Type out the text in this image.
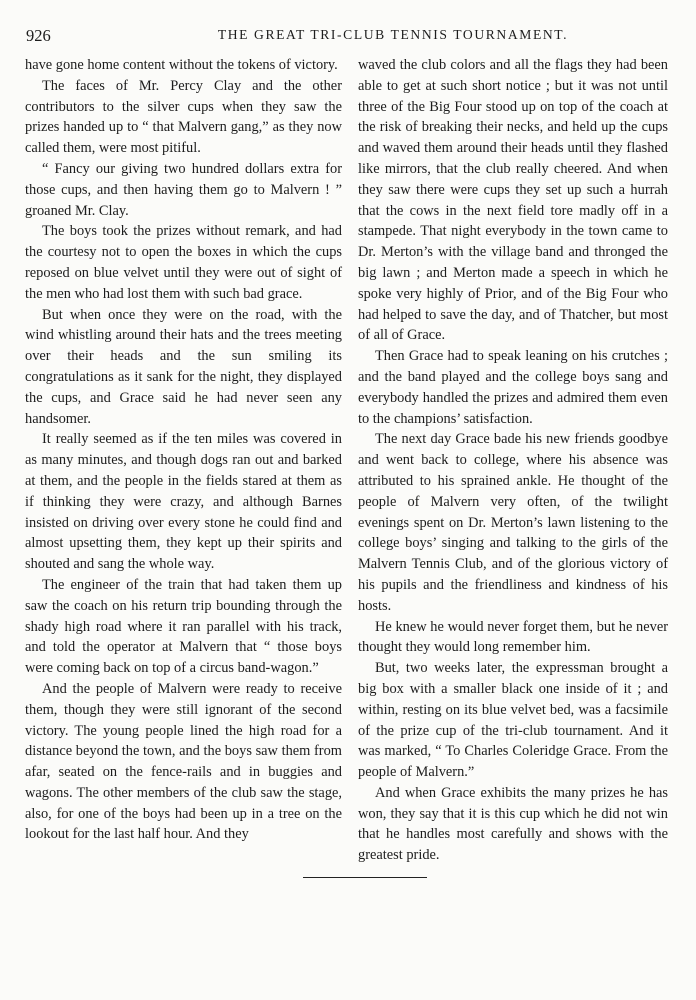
926	THE GREAT TRI-CLUB TENNIS TOURNAMENT.

have gone home content without the tokens of victory.

The faces of Mr. Percy Clay and the other contributors to the silver cups when they saw the prizes handed up to “ that Malvern gang,” as they now called them, were most pitiful.

“ Fancy our giving two hundred dollars extra for those cups, and then having them go to Malvern ! ” groaned Mr. Clay.

The boys took the prizes without remark, and had the courtesy not to open the boxes in which the cups reposed on blue velvet until they were out of sight of the men who had lost them with such bad grace.

But when once they were on the road, with the wind whistling around their hats and the trees meeting over their heads and the sun smiling its congratulations as it sank for the night, they displayed the cups, and Grace said he had never seen any handsomer.

It really seemed as if the ten miles was covered in as many minutes, and though dogs ran out and barked at them, and the people in the fields stared at them as if thinking they were crazy, and although Barnes insisted on driving over every stone he could find and almost upsetting them, they kept up their spirits and shouted and sang the whole way.

The engineer of the train that had taken them up saw the coach on his return trip bounding through the shady high road where it ran parallel with his track, and told the operator at Malvern that “ those boys were coming back on top of a circus band-wagon.”

And the people of Malvern were ready to receive them, though they were still ignorant of the second victory. The young people lined the high road for a distance beyond the town, and the boys saw them from afar, seated on the fence-rails and in buggies and wagons. The other members of the club saw the stage, also, for one of the boys had been up in a tree on the lookout for the last half hour. And they

waved the club colors and all the flags they had been able to get at such short notice ; but it was not until three of the Big Four stood up on top of the coach at the risk of breaking their necks, and held up the cups and waved them around their heads until they flashed like mirrors, that the club really cheered. And when they saw there were cups they set up such a hurrah that the cows in the next field tore madly off in a stampede. That night everybody in the town came to Dr. Merton’s with the village band and thronged the big lawn ; and Merton made a speech in which he spoke very highly of Prior, and of the Big Four who had helped to save the day, and of Thatcher, but most of all of Grace.

Then Grace had to speak leaning on his crutches ; and the band played and the college boys sang and everybody handled the prizes and admired them even to the champions’ satisfaction.

The next day Grace bade his new friends goodbye and went back to college, where his absence was attributed to his sprained ankle. He thought of the people of Malvern very often, of the twilight evenings spent on Dr. Merton’s lawn listening to the college boys’ singing and talking to the girls of the Malvern Tennis Club, and of the glorious victory of his pupils and the friendliness and kindness of his hosts.

He knew he would never forget them, but he never thought they would long remember him.

But, two weeks later, the expressman brought a big box with a smaller black one inside of it ; and within, resting on its blue velvet bed, was a facsimile of the prize cup of the tri-club tournament. And it was marked, “ To Charles Coleridge Grace. From the people of Malvern.”

And when Grace exhibits the many prizes he has won, they say that it is this cup which he did not win that he handles most carefully and shows with the greatest pride.
